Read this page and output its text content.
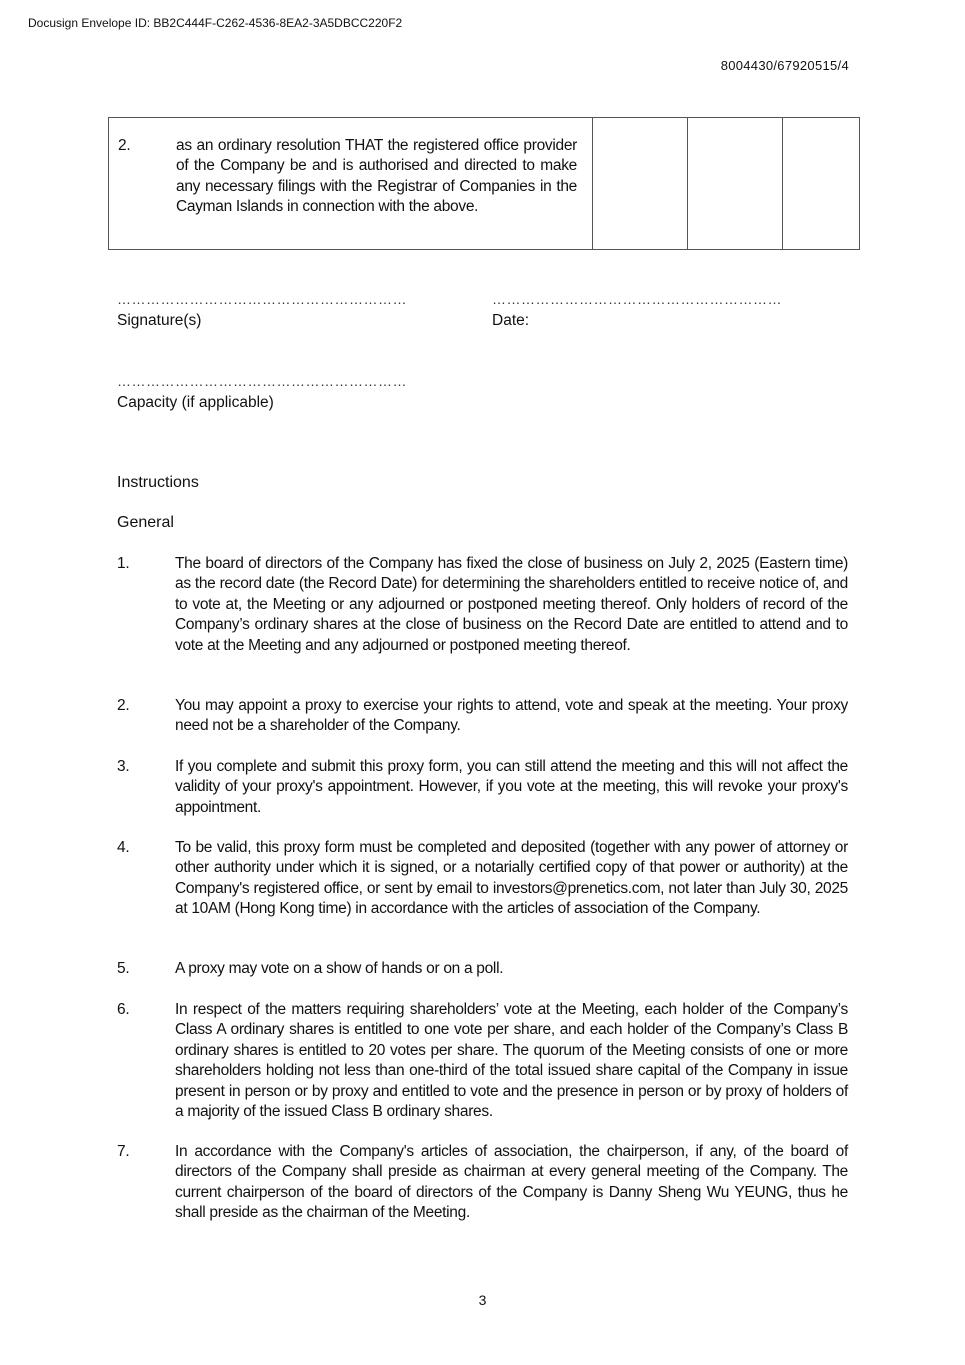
Docusign Envelope ID: BB2C444F-C262-4536-8EA2-3A5DBCC220F2
8004430/67920515/4
2.	as an ordinary resolution THAT the registered office provider of the Company be and is authorised and directed to make any necessary filings with the Registrar of Companies in the Cayman Islands in connection with the above.			
……………………………………………………
Signature(s)
……………………………………………………
Date:
……………………………………………………
Capacity (if applicable)
Instructions
General
1.	The board of directors of the Company has fixed the close of business on July 2, 2025 (Eastern time) as the record date (the Record Date) for determining the shareholders entitled to receive notice of, and to vote at, the Meeting or any adjourned or postponed meeting thereof. Only holders of record of the Company’s ordinary shares at the close of business on the Record Date are entitled to attend and to vote at the Meeting and any adjourned or postponed meeting thereof.
2.	You may appoint a proxy to exercise your rights to attend, vote and speak at the meeting. Your proxy need not be a shareholder of the Company.
3.	If you complete and submit this proxy form, you can still attend the meeting and this will not affect the validity of your proxy's appointment. However, if you vote at the meeting, this will revoke your proxy's appointment.
4.	To be valid, this proxy form must be completed and deposited (together with any power of attorney or other authority under which it is signed, or a notarially certified copy of that power or authority) at the Company's registered office, or sent by email to investors@prenetics.com, not later than July 30, 2025 at 10AM (Hong Kong time) in accordance with the articles of association of the Company.
5.	A proxy may vote on a show of hands or on a poll.
6.	In respect of the matters requiring shareholders’ vote at the Meeting, each holder of the Company’s Class A ordinary shares is entitled to one vote per share, and each holder of the Company’s Class B ordinary shares is entitled to 20 votes per share. The quorum of the Meeting consists of one or more shareholders holding not less than one-third of the total issued share capital of the Company in issue present in person or by proxy and entitled to vote and the presence in person or by proxy of holders of a majority of the issued Class B ordinary shares.
7.	In accordance with the Company's articles of association, the chairperson, if any, of the board of directors of the Company shall preside as chairman at every general meeting of the Company. The current chairperson of the board of directors of the Company is Danny Sheng Wu YEUNG, thus he shall preside as the chairman of the Meeting.
3
